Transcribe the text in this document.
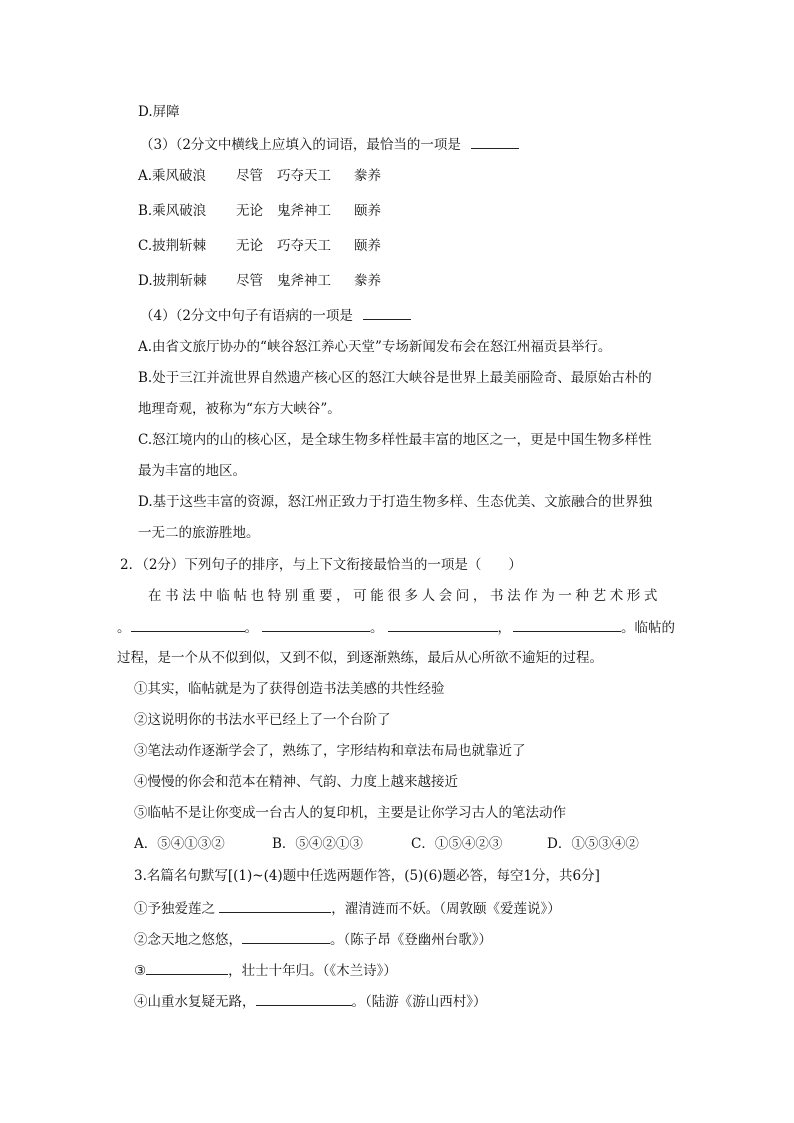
D.屏障
（3）（2分文中横线上应填入的词语，最恰当的一项是
A.乘风破浪 尽管 巧夺天工 豢养
B.乘风破浪 无论 鬼斧神工 颐养
C.披荆斩棘 无论 巧夺天工 颐养
D.披荆斩棘 尽管 鬼斧神工 豢养
（4）（2分文中句子有语病的一项是
A.由省文旅厅协办的“峡谷怒江养心天堂”专场新闻发布会在怒江州福贡县举行。
B.处于三江并流世界自然遗产核心区的怒江大峡谷是世界上最美丽险奇、最原始古朴的
地理奇观，被称为“东方大峡谷”。
C.怒江境内的山的核心区，是全球生物多样性最丰富的地区之一，更是中国生物多样性
最为丰富的地区。
D.基于这些丰富的资源，怒江州正致力于打造生物多样、生态优美、文旅融合的世界独
一无二的旅游胜地。
2．（2分）下列句子的排序，与上下文衔接最恰当的一项是（　　）
在书法中临帖也特别重要，可能很多人会问，书法作为一种艺术形式
。	。	。	，	。临帖的
过程，是一个从不似到似，又到不似，到逐渐熟练，最后从心所欲不逾矩的过程。
①其实，临帖就是为了获得创造书法美感的共性经验
②这说明你的书法水平已经上了一个台阶了
③笔法动作逐渐学会了，熟练了，字形结构和章法布局也就靠近了
④慢慢的你会和范本在精神、气韵、力度上越来越接近
⑤临帖不是让你变成一台古人的复印机，主要是让你学习古人的笔法动作
A．⑤④①③②	B．⑤④②①③	C．①⑤④②③	D．①⑤③④②
3.名篇名句默写[(1)~(4)题中任选两题作答，(5)(6)题必答，每空1分，共6分]
①予独爱莲之	，濯清涟而不妖。（周敦颐《爱莲说》）
②念天地之悠悠，	。（陈子昂《登幽州台歌》）
③	，壮士十年归。（《木兰诗》）
④山重水复疑无路，	。（陆游《游山西村》）
